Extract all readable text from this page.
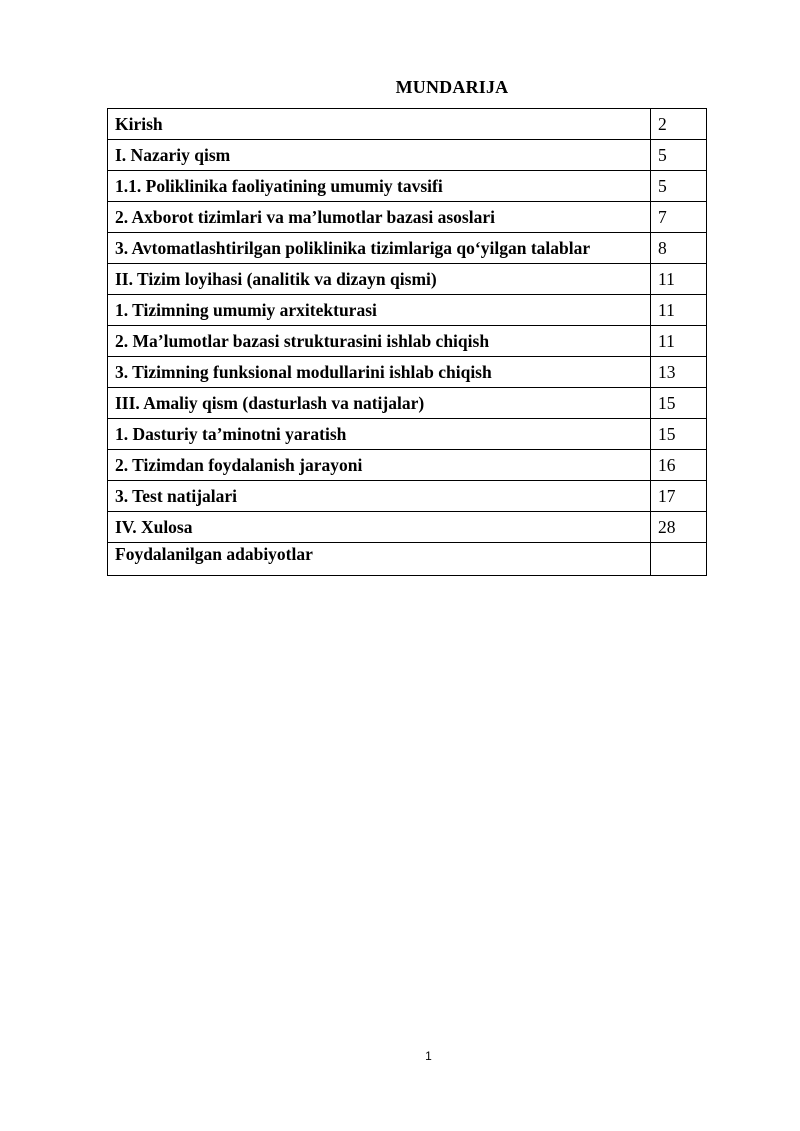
MUNDARIJA
Kirish	2
I. Nazariy qism	5
1.1. Poliklinika faoliyatining umumiy tavsifi	5
2. Axborot tizimlari va ma’lumotlar bazasi asoslari	7
3. Avtomatlashtirilgan poliklinika tizimlariga qo‘yilgan talablar	8
II. Tizim loyihasi (analitik va dizayn qismi)	11
1. Tizimning umumiy arxitekturasi	11
2. Ma’lumotlar bazasi strukturasini ishlab chiqish	11
3. Tizimning funksional modullarini ishlab chiqish	13
III. Amaliy qism (dasturlash va natijalar)	15
1. Dasturiy ta’minotni yaratish	15
2. Tizimdan foydalanish jarayoni	16
3. Test natijalari	17
IV. Xulosa	28
Foydalanilgan adabiyotlar	
1
